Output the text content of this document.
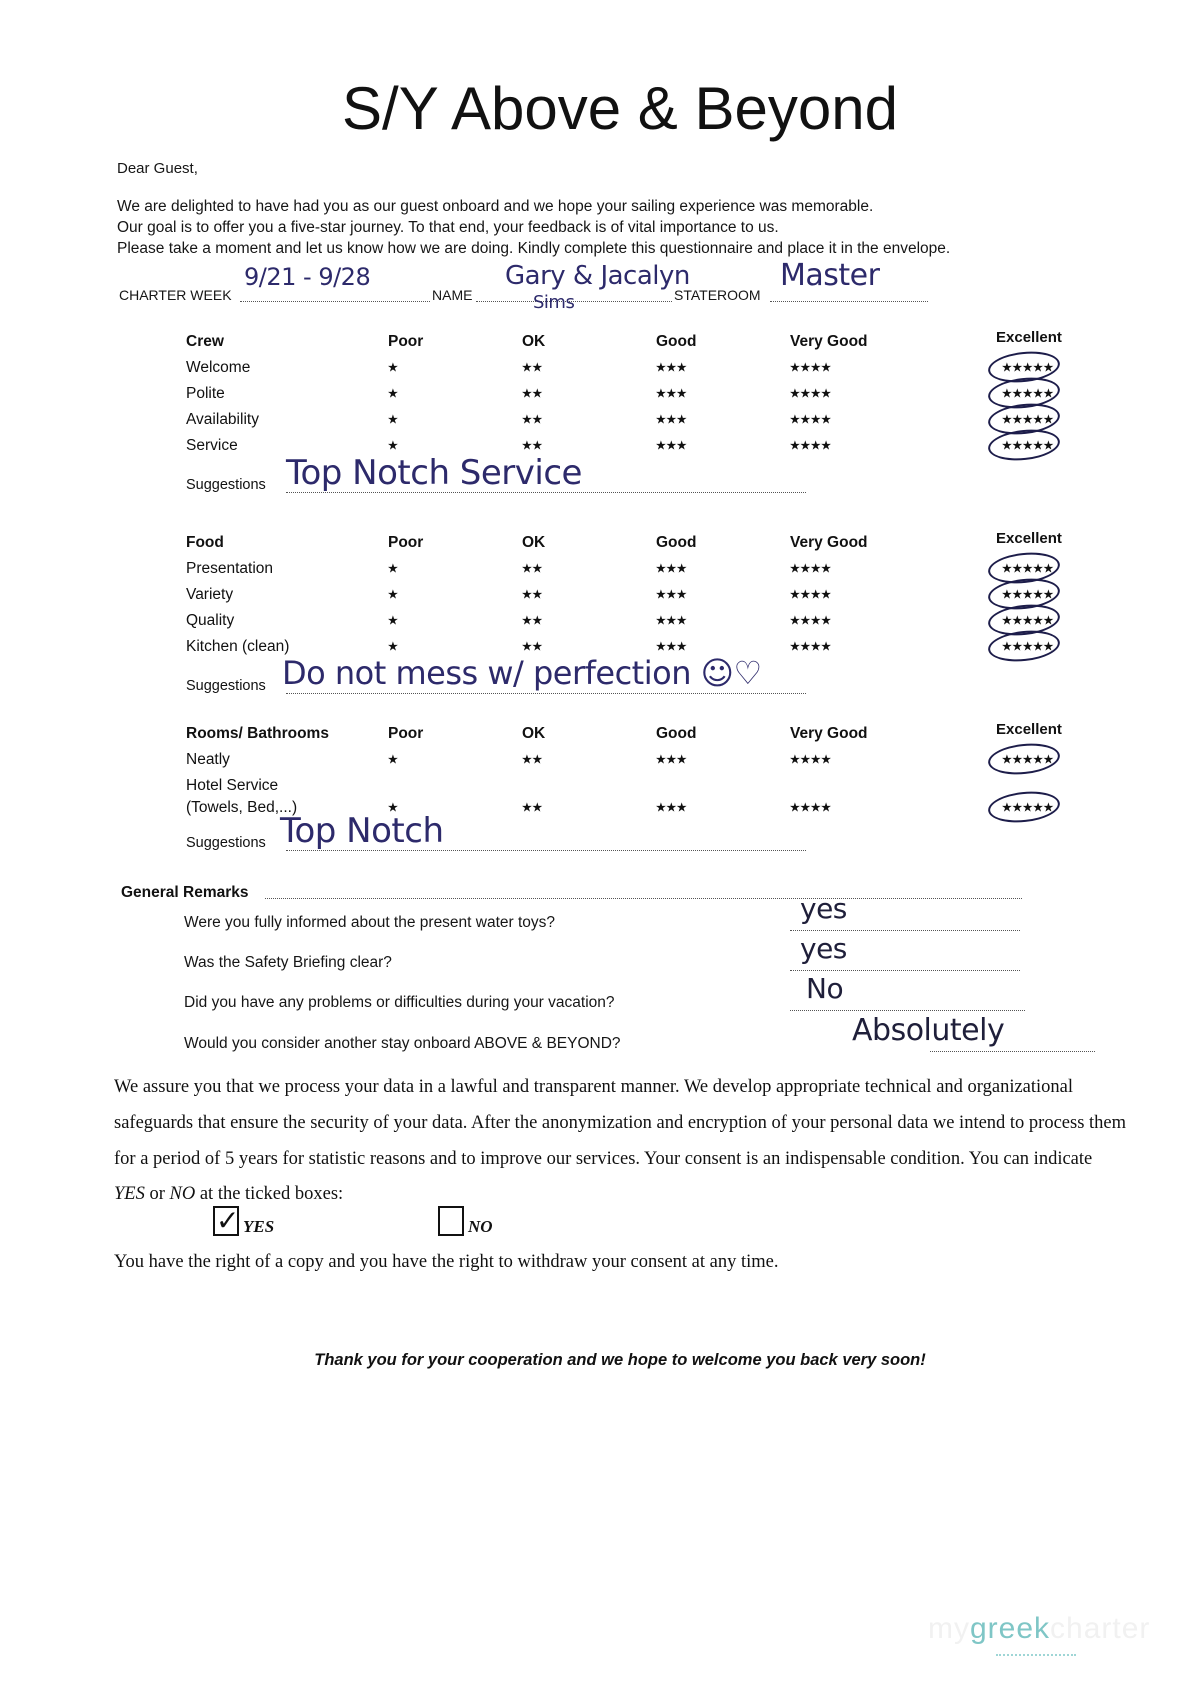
S/Y Above & Beyond
Dear Guest,
We are delighted to have had you as our guest onboard and we hope your sailing experience was memorable.
Our goal is to offer you a five-star journey. To that end, your feedback is of vital importance to us.
Please take a moment and let us know how we are doing. Kindly complete this questionnaire and place it in the envelope.
CHARTER WEEK
9/21 - 9/28
NAME
Gary & Jacalyn
Sims	STATEROOM
Master
Crew	Poor	OK	Good	Very Good	Excellent
Welcome	★	★★	★★★	★★★★	★★★★★
Polite	★	★★	★★★	★★★★	★★★★★
Availability	★	★★	★★★	★★★★	★★★★★
Service	★	★★	★★★	★★★★	★★★★★
Suggestions Top Notch Service
Food	Poor	OK	Good	Very Good	Excellent
Presentation	★	★★	★★★	★★★★	★★★★★
Variety	★	★★	★★★	★★★★	★★★★★
Quality	★	★★	★★★	★★★★	★★★★★
Kitchen (clean)	★	★★	★★★	★★★★	★★★★★
Suggestions Do not mess w/ perfection ☺♡
Rooms/ Bathrooms	Poor	OK	Good	Very Good	Excellent
Neatly	★	★★	★★★	★★★★	★★★★★
Hotel Service
(Towels, Bed,...)	★	★★	★★★	★★★★	★★★★★
Suggestions Top Notch
General Remarks
Were you fully informed about the present water toys?	yes
Was the Safety Briefing clear?	yes
Did you have any problems or difficulties during your vacation?	No
Would you consider another stay onboard ABOVE & BEYOND?	Absolutely
We assure you that we process your data in a lawful and transparent manner. We develop appropriate technical and organizational
safeguards that ensure the security of your data. After the anonymization and encryption of your personal data we intend to process them
for a period of 5 years for statistic reasons and to improve our services. Your consent is an indispensable condition. You can indicate
YES or NO at the ticked boxes:
✓ YES	NO
You have the right of a copy and you have the right to withdraw your consent at any time.
Thank you for your cooperation and we hope to welcome you back very soon!
mygreekcharter
